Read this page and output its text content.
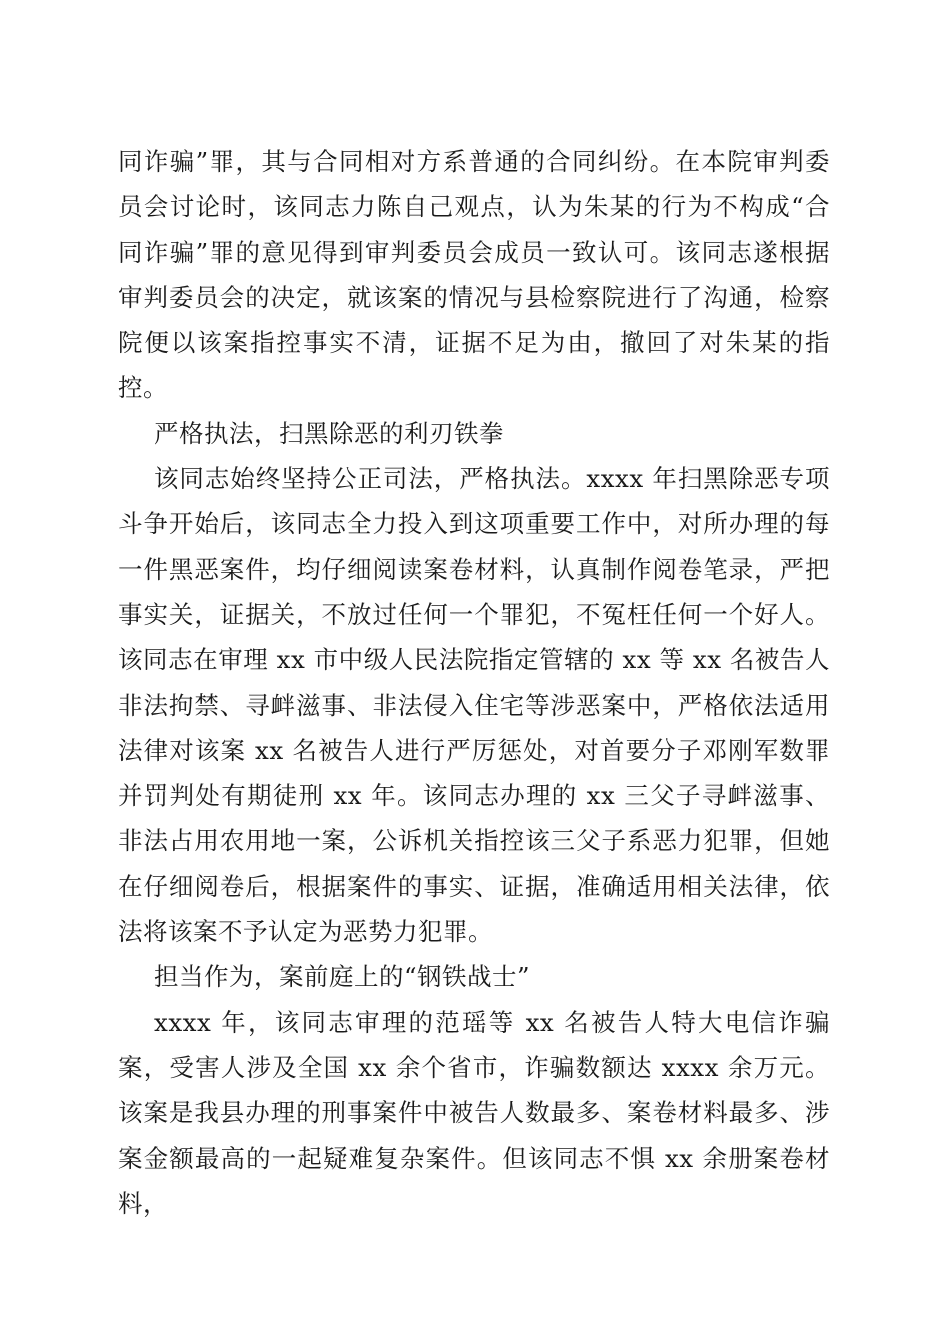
同诈骗”罪，其与合同相对方系普通的合同纠纷。在本院审判委员会讨论时，该同志力陈自己观点，认为朱某的行为不构成“合同诈骗”罪的意见得到审判委员会成员一致认可。该同志遂根据审判委员会的决定，就该案的情况与县检察院进行了沟通，检察院便以该案指控事实不清，证据不足为由，撤回了对朱某的指控。

严格执法，扫黑除恶的利刃铁拳

该同志始终坚持公正司法，严格执法。xxxx 年扫黑除恶专项斗争开始后，该同志全力投入到这项重要工作中，对所办理的每一件黑恶案件，均仔细阅读案卷材料，认真制作阅卷笔录，严把事实关，证据关，不放过任何一个罪犯，不冤枉任何一个好人。该同志在审理 xx 市中级人民法院指定管辖的 xx 等 xx 名被告人非法拘禁、寻衅滋事、非法侵入住宅等涉恶案中，严格依法适用法律对该案 xx 名被告人进行严厉惩处，对首要分子邓刚军数罪并罚判处有期徒刑 xx 年。该同志办理的 xx 三父子寻衅滋事、非法占用农用地一案，公诉机关指控该三父子系恶力犯罪，但她在仔细阅卷后，根据案件的事实、证据，准确适用相关法律，依法将该案不予认定为恶势力犯罪。

担当作为，案前庭上的“钢铁战士”

xxxx 年，该同志审理的范瑶等 xx 名被告人特大电信诈骗案，受害人涉及全国 xx 余个省市，诈骗数额达 xxxx 余万元。该案是我县办理的刑事案件中被告人数最多、案卷材料最多、涉案金额最高的一起疑难复杂案件。但该同志不惧 xx 余册案卷材料，
